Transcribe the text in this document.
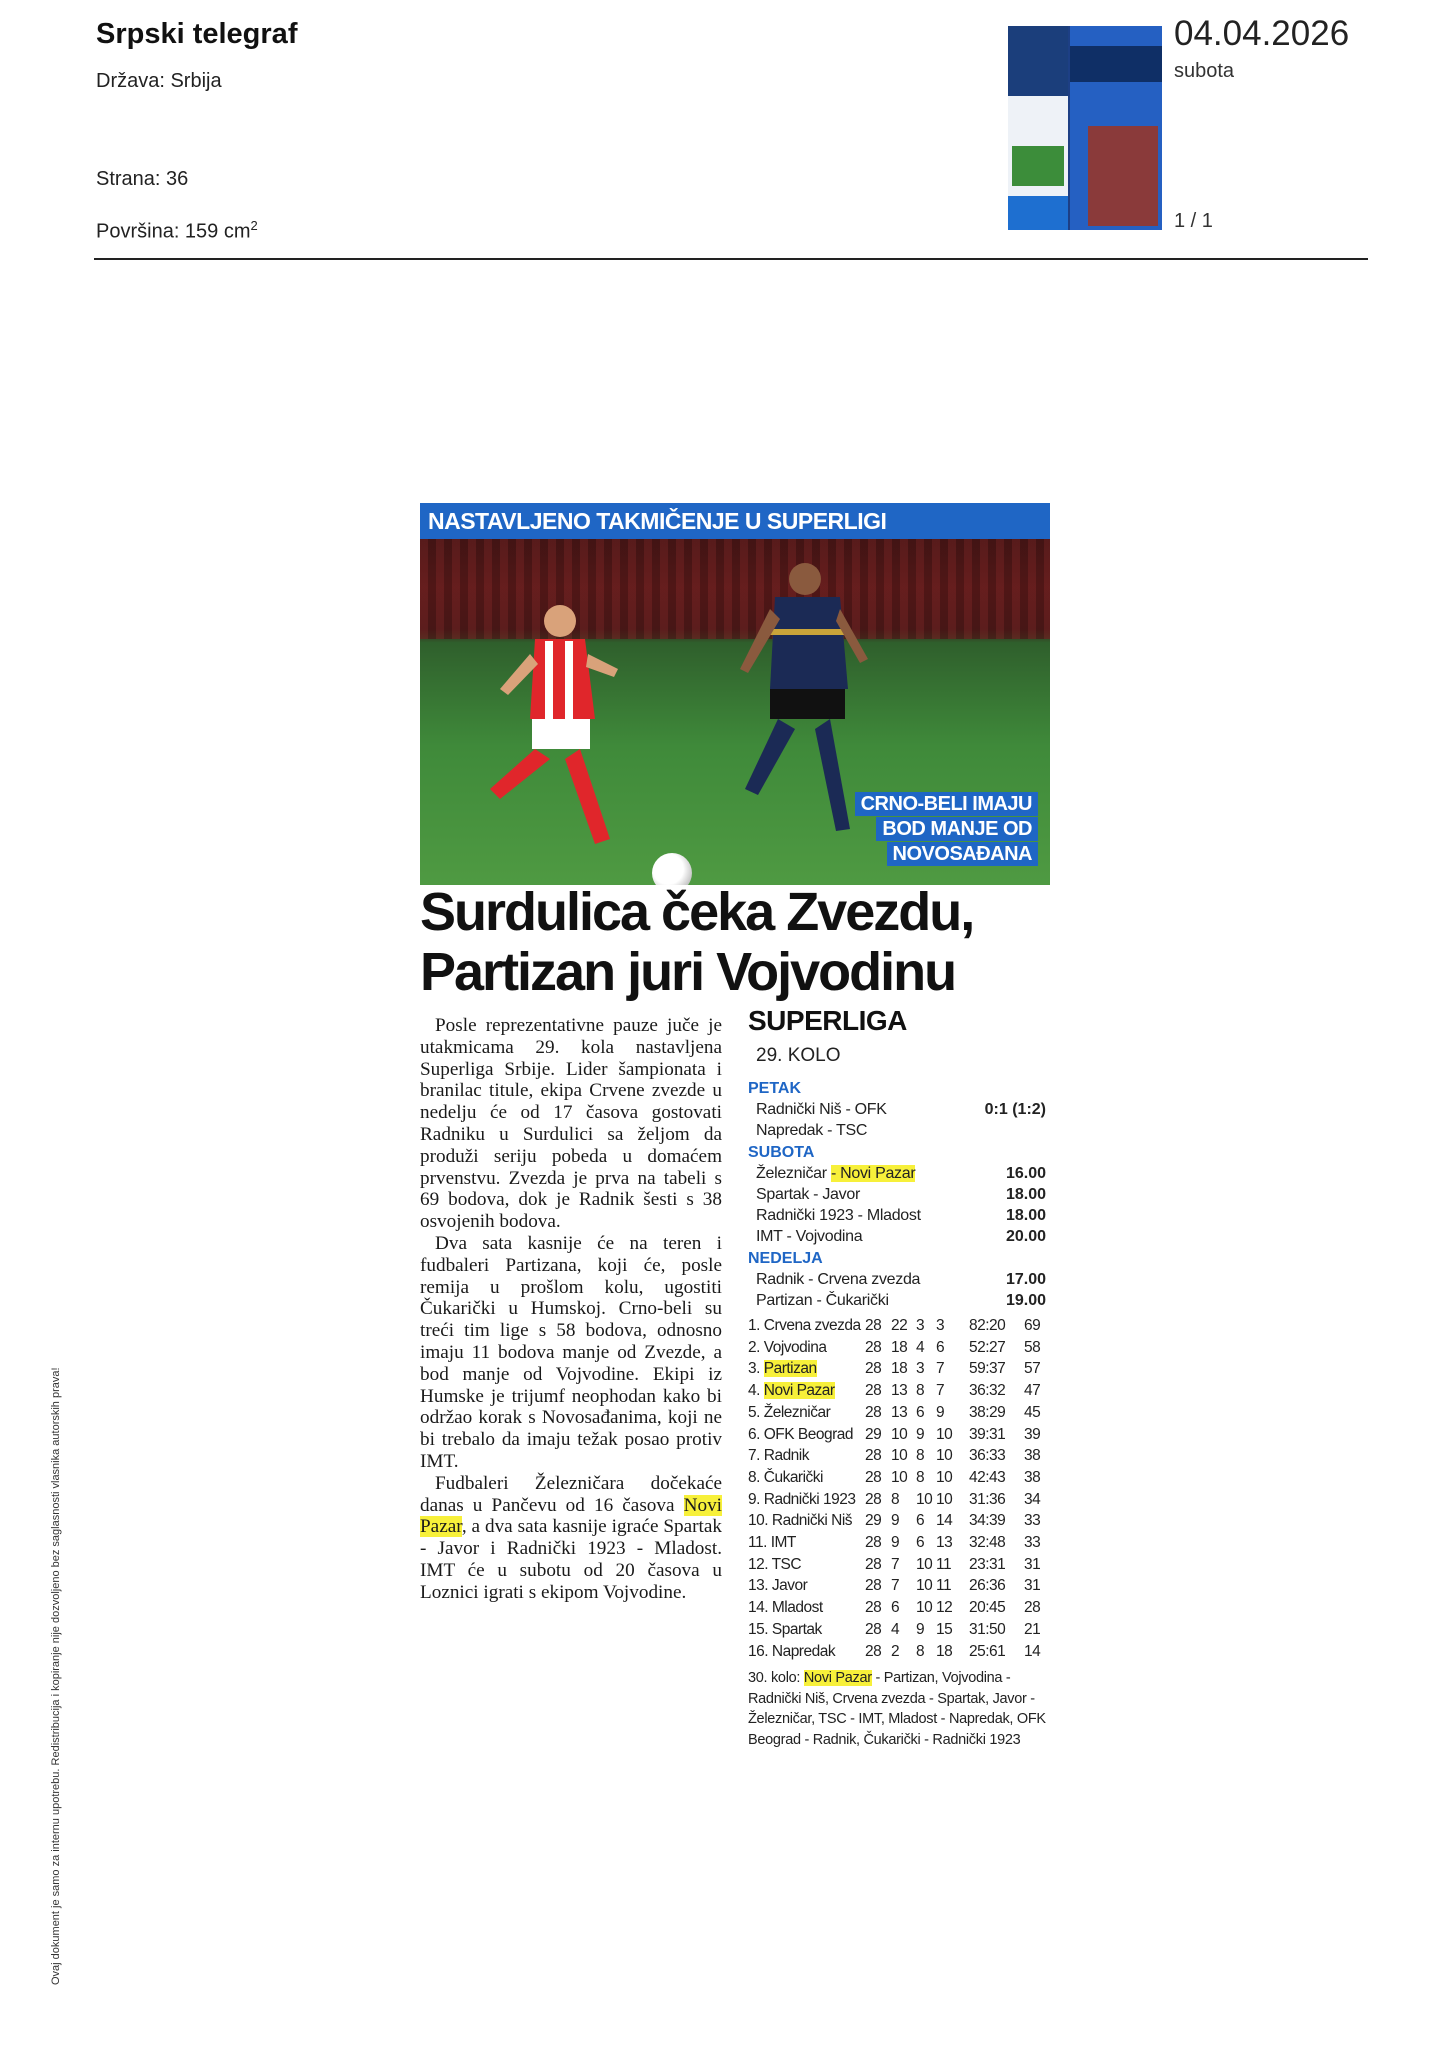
Srpski telegraf
Država: Srbija
Strana: 36
Površina: 159 $cm^2$
04.04.2026
subota
1 / 1
Ovaj dokument je samo za internu upotrebu. Redistribucija i kopiranje nije dozvoljeno bez saglasnosti vlasnika autorskih prava!
NASTAVLJENO TAKMIČENJE U SUPERLIGI
CRNO-BELI IMAJU
BOD MANJE OD
NOVOSAĐANA
Surdulica čeka Zvezdu,
Partizan juri Vojvodinu

Posle reprezentativne pauze juče je utakmicama 29. kola nastavljena Superliga Srbije. Lider šampionata i branilac titule, ekipa Crvene zvezde u nedelju će od 17 časova gostovati Radniku u Surdulici sa željom da produži seriju pobeda u domaćem prvenstvu. Zvezda je prva na tabeli s 69 bodova, dok je Radnik šesti s 38 osvojenih bodova.

Dva sata kasnije će na teren i fudbaleri Partizana, koji će, posle remija u prošlom kolu, ugostiti Čukarički u Humskoj. Crno-beli su treći tim lige s 58 bodova, odnosno imaju 11 bodova manje od Zvezde, a bod manje od Vojvodine. Ekipi iz Humske je trijumf neophodan kako bi održao korak s Novosađanima, koji ne bi trebalo da imaju težak posao protiv IMT.

Fudbaleri Železničara dočekaće danas u Pančevu od 16 časova Novi Pazar, a dva sata kasnije igraće Spartak - Javor i Radnički 1923 - Mladost. IMT će u subotu od 20 časova u Loznici igrati s ekipom Vojvodine.

SUPERLIGA
29. KOLO
PETAK
Radnički Niš - OFK	0:1 (1:2)
Napredak - TSC
SUBOTA
Železničar - Novi Pazar	16.00
Spartak - Javor	18.00
Radnički 1923 - Mladost	18.00
IMT - Vojvodina	20.00
NEDELJA
Radnik - Crvena zvezda	17.00
Partizan - Čukarički	19.00
1. Crvena zvezda 28 22 3 3 82:20 69
2. Vojvodina 28 18 4 6 52:27 58
3. Partizan	28 18 3 7 59:37 57
4. Novi Pazar 28 13 8 7 36:32 47
5. Železničar 28 13 6 9 38:29 45
6. OFK Beograd 29 10 9 10 39:31 39
7. Radnik	28 10 8 10 36:33 38
8. Čukarički	28 10 8 10 42:43 38
9. Radnički 1923 28 8 10 10 31:36 34
10. Radnički Niš 29 9 6 14 34:39 33
11. IMT	28 9 6 13 32:48 33
12. TSC	28 7 10 11 23:31 31
13. Javor	28 7 10 11 26:36 31
14. Mladost	28 6 10 12 20:45 28
15. Spartak	28 4 9 15 31:50 21
16. Napredak 28 2 8 18 25:61 14
30. kolo: Novi Pazar - Partizan, Vojvodina - Radnički Niš, Crvena zvezda - Spartak, Javor - Železničar, TSC - IMT, Mladost - Napredak, OFK Beograd - Radnik, Čukarički - Radnički 1923
